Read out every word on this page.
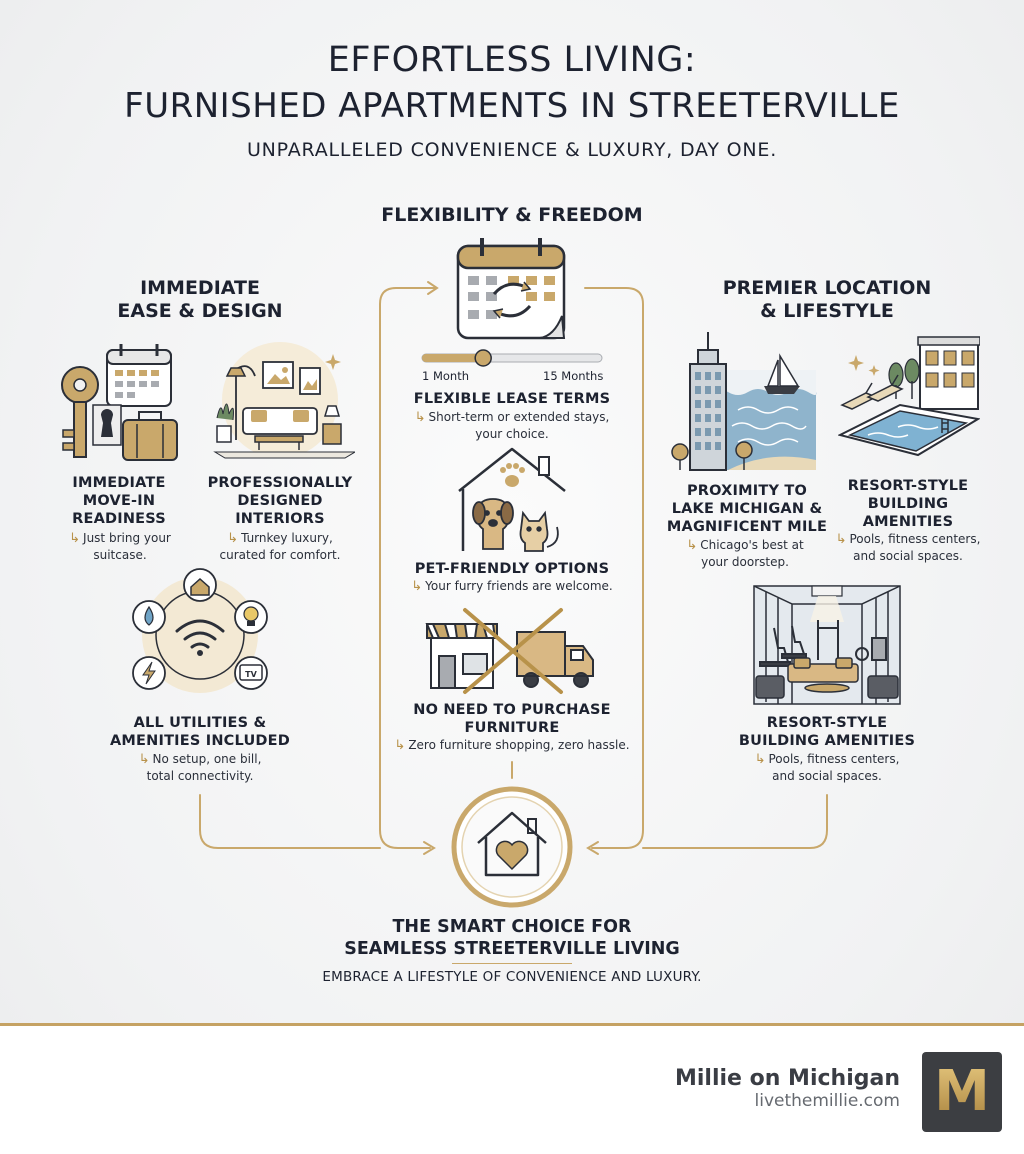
EFFORTLESS LIVING:
FURNISHED APARTMENTS IN STREETERVILLE
UNPARALLELED CONVENIENCE & LUXURY, DAY ONE.
IMMEDIATE
EASE & DESIGN
IMMEDIATE
MOVE-IN
READINESS
↳ Just bring your
suitcase.
PROFESSIONALLY
DESIGNED
INTERIORS
↳ Turnkey luxury,
curated for comfort.
TV
ALL UTILITIES &
AMENITIES INCLUDED
↳ No setup, one bill,
total connectivity.
FLEXIBILITY & FREEDOM
1 Month	15 Months
FLEXIBLE LEASE TERMS
↳ Short-term or extended stays,
your choice.
PET-FRIENDLY OPTIONS
↳ Your furry friends are welcome.
NO NEED TO PURCHASE
FURNITURE
↳ Zero furniture shopping, zero hassle.
PREMIER LOCATION
& LIFESTYLE
PROXIMITY TO
LAKE MICHIGAN &
MAGNIFICENT MILE
↳ Chicago's best at
your doorstep.
RESORT-STYLE
BUILDING
AMENITIES
↳ Pools, fitness centers,
and social spaces.
RESORT-STYLE
BUILDING AMENITIES
↳ Pools, fitness centers,
and social spaces.
THE SMART CHOICE FOR
SEAMLESS STREETERVILLE LIVING
EMBRACE A LIFESTYLE OF CONVENIENCE AND LUXURY.
Millie on Michigan
livethemillie.com M
